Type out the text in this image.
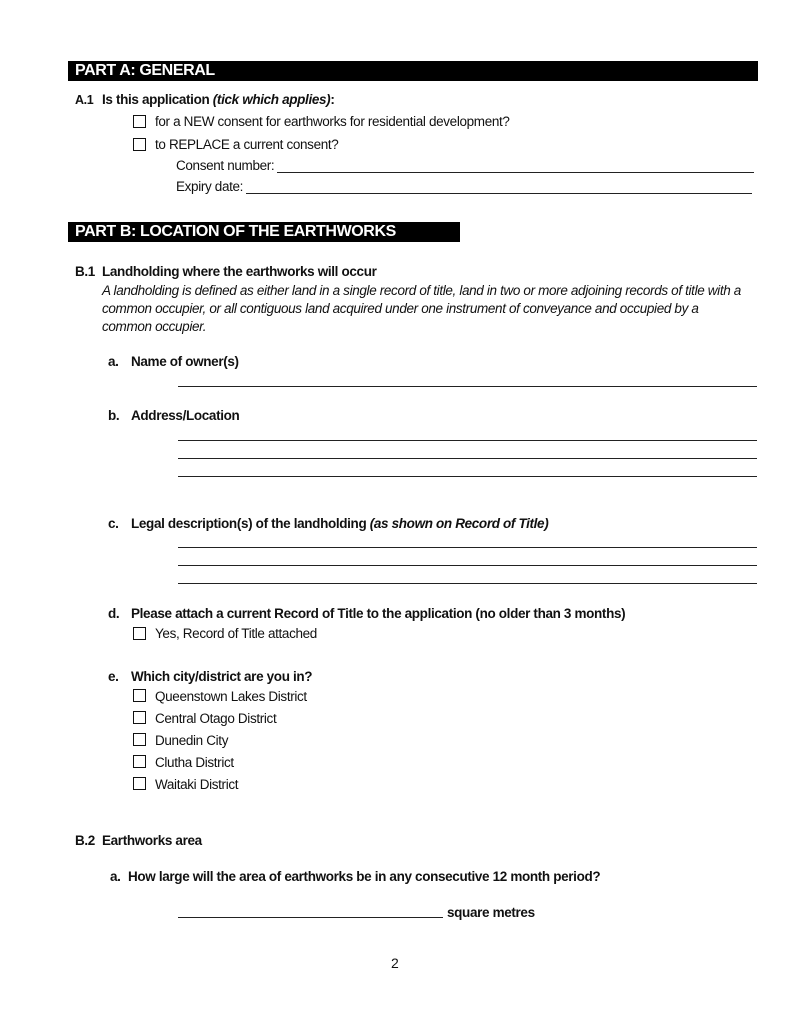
PART A: GENERAL
A.1 Is this application (tick which applies):
for a NEW consent for earthworks for residential development?
to REPLACE a current consent?
Consent number:
Expiry date:
PART B: LOCATION OF THE EARTHWORKS ACTIVITY
B.1 Landholding where the earthworks will occur
A landholding is defined as either land in a single record of title, land in two or more adjoining records of title with a
common occupier, or all contiguous land acquired under one instrument of conveyance and occupied by a
common occupier.
a. Name of owner(s)
b. Address/Location
c. Legal description(s) of the landholding (as shown on Record of Title)
d. Please attach a current Record of Title to the application (no older than 3 months)
Yes, Record of Title attached
e. Which city/district are you in?
Queenstown Lakes District
Central Otago District
Dunedin City
Clutha District
Waitaki District
B.2 Earthworks area
a. How large will the area of earthworks be in any consecutive 12 month period?
square metres
2
